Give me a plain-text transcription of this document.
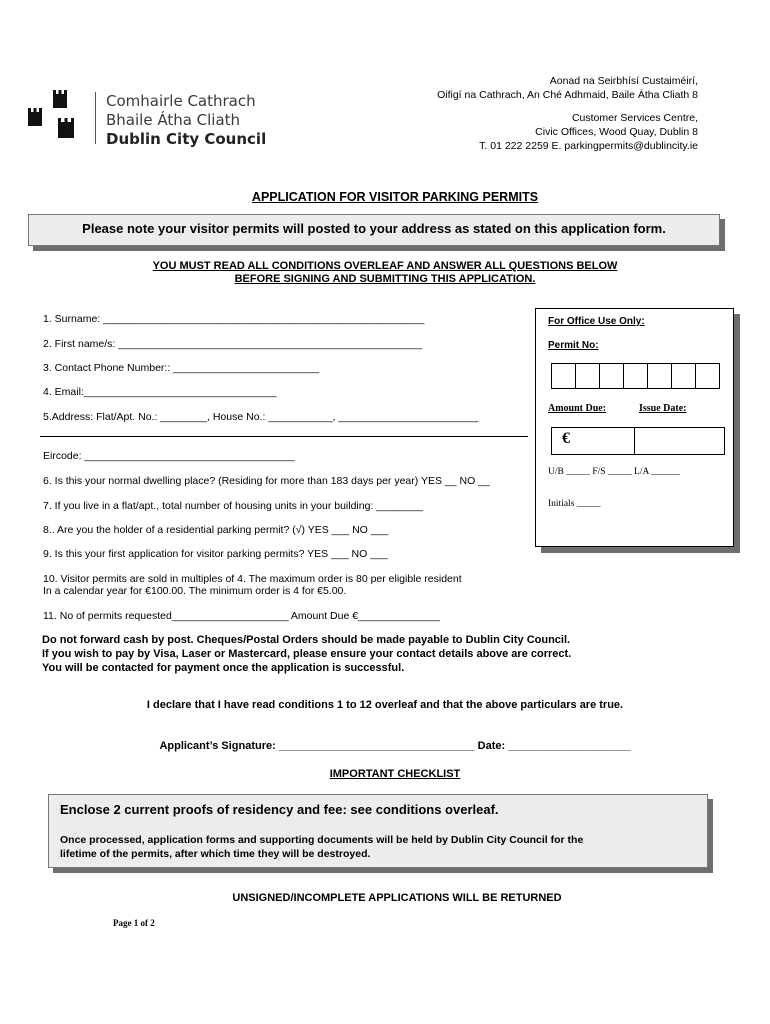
Comhairle Cathrach
Bhaile Átha Cliath
Dublin City Council
Aonad na Seirbhísí Custaiméirí,
Oifigí na Cathrach, An Ché Adhmaid, Baile Átha Cliath 8
Customer Services Centre,
Civic Offices, Wood Quay, Dublin 8
T. 01 222 2259 E. parkingpermits@dublincity.ie
APPLICATION FOR VISITOR PARKING PERMITS
Please note your visitor permits will posted to your address as stated on this application form.
YOU MUST READ ALL CONDITIONS OVERLEAF AND ANSWER ALL QUESTIONS BELOW
BEFORE SIGNING AND SUBMITTING THIS APPLICATION.
1. Surname: _______________________________________________________
2. First name/s: ____________________________________________________
3. Contact Phone Number:: _________________________
4. Email:_________________________________
5.Address: Flat/Apt. No.: ________, House No.: ___________, ________________________
Eircode: ____________________________________
6. Is this your normal dwelling place? (Residing for more than 183 days per year) YES __ NO __
7. If you live in a flat/apt., total number of housing units in your building: ________
8.. Are you the holder of a residential parking permit? (√) YES ___ NO ___
9. Is this your first application for visitor parking permits? YES ___ NO ___
10. Visitor permits are sold in multiples of 4. The maximum order is 80 per eligible resident
In a calendar year for €100.00. The minimum order is 4 for €5.00.
11. No of permits requested____________________ Amount Due €______________
For Office Use Only:
Permit No:
Amount Due:	Issue Date:
€
U/B _____ F/S _____ L/A ______
Initials _____
Do not forward cash by post. Cheques/Postal Orders should be made payable to Dublin City Council.
If you wish to pay by Visa, Laser or Mastercard, please ensure your contact details above are correct.
You will be contacted for payment once the application is successful.
I declare that I have read conditions 1 to 12 overleaf and that the above particulars are true.
Applicant’s Signature: ________________________________ Date: ____________________
IMPORTANT CHECKLIST
Enclose 2 current proofs of residency and fee: see conditions overleaf.
Once processed, application forms and supporting documents will be held by Dublin City Council for the
lifetime of the permits, after which time they will be destroyed.
UNSIGNED/INCOMPLETE APPLICATIONS WILL BE RETURNED
Page 1 of 2
